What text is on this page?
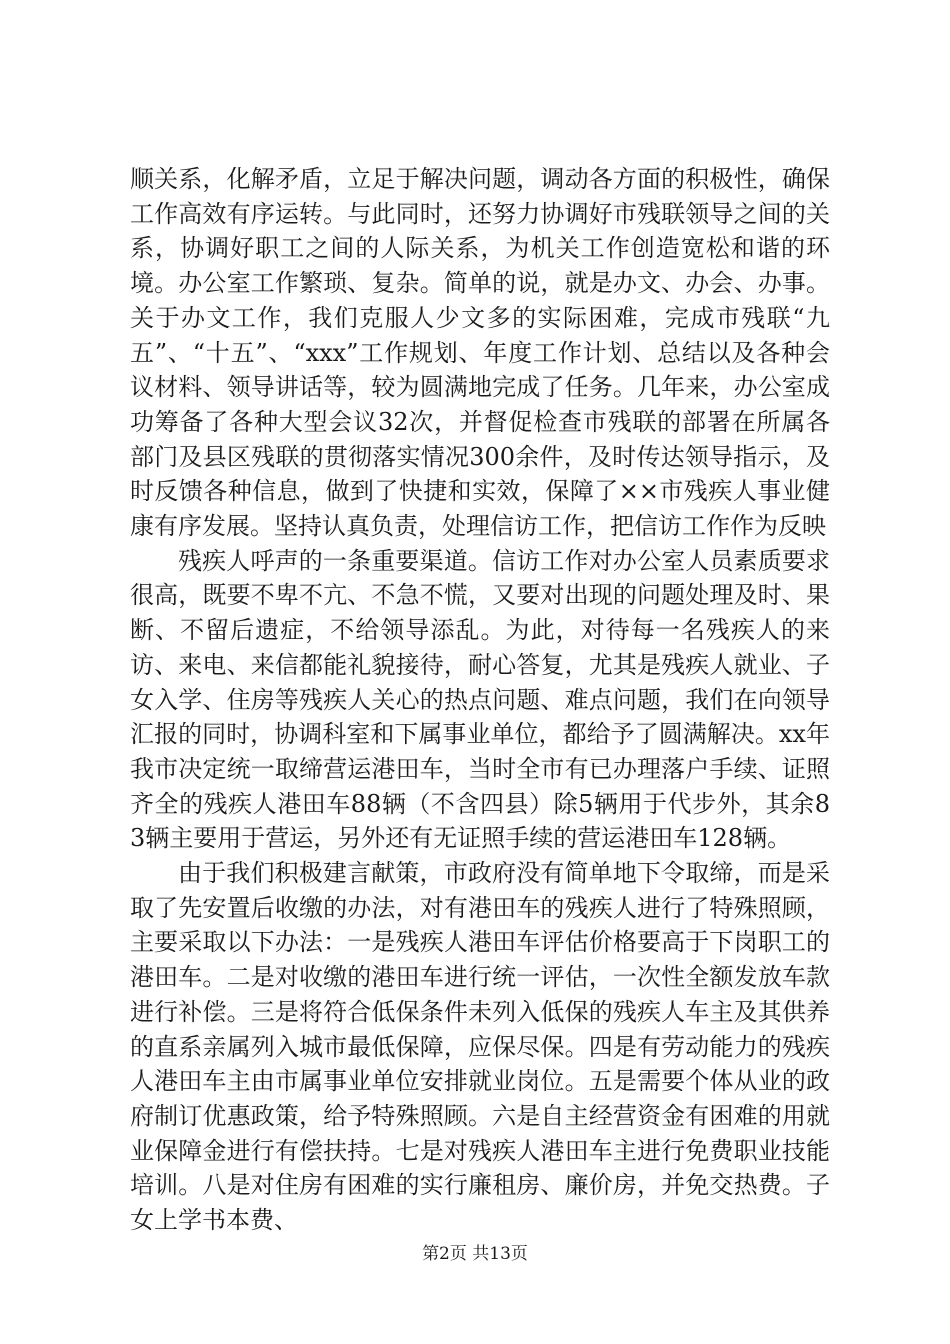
顺关系，化解矛盾，立足于解决问题，调动各方面的积极性，确保工作高效有序运转。与此同时，还努力协调好市残联领导之间的关系，协调好职工之间的人际关系，为机关工作创造宽松和谐的环境。办公室工作繁琐、复杂。简单的说，就是办文、办会、办事。关于办文工作，我们克服人少文多的实际困难，完成市残联“九五”、“十五”、“xxx”工作规划、年度工作计划、总结以及各种会议材料、领导讲话等，较为圆满地完成了任务。几年来，办公室成功筹备了各种大型会议32次，并督促检查市残联的部署在所属各部门及县区残联的贯彻落实情况300余件，及时传达领导指示，及时反馈各种信息，做到了快捷和实效，保障了××市残疾人事业健康有序发展。坚持认真负责，处理信访工作，把信访工作作为反映

残疾人呼声的一条重要渠道。信访工作对办公室人员素质要求很高，既要不卑不亢、不急不慌，又要对出现的问题处理及时、果断、不留后遗症，不给领导添乱。为此，对待每一名残疾人的来访、来电、来信都能礼貌接待，耐心答复，尤其是残疾人就业、子女入学、住房等残疾人关心的热点问题、难点问题，我们在向领导汇报的同时，协调科室和下属事业单位，都给予了圆满解决。xx年我市决定统一取缔营运港田车，当时全市有已办理落户手续、证照齐全的残疾人港田车88辆（不含四县）除5辆用于代步外，其余83辆主要用于营运，另外还有无证照手续的营运港田车128辆。

由于我们积极建言献策，市政府没有简单地下令取缔，而是采取了先安置后收缴的办法，对有港田车的残疾人进行了特殊照顾，主要采取以下办法：一是残疾人港田车评估价格要高于下岗职工的港田车。二是对收缴的港田车进行统一评估，一次性全额发放车款进行补偿。三是将符合低保条件未列入低保的残疾人车主及其供养的直系亲属列入城市最低保障，应保尽保。四是有劳动能力的残疾人港田车主由市属事业单位安排就业岗位。五是需要个体从业的政府制订优惠政策，给予特殊照顾。六是自主经营资金有困难的用就业保障金进行有偿扶持。七是对残疾人港田车主进行免费职业技能培训。八是对住房有困难的实行廉租房、廉价房，并免交热费。子女上学书本费、

第2页 共13页
